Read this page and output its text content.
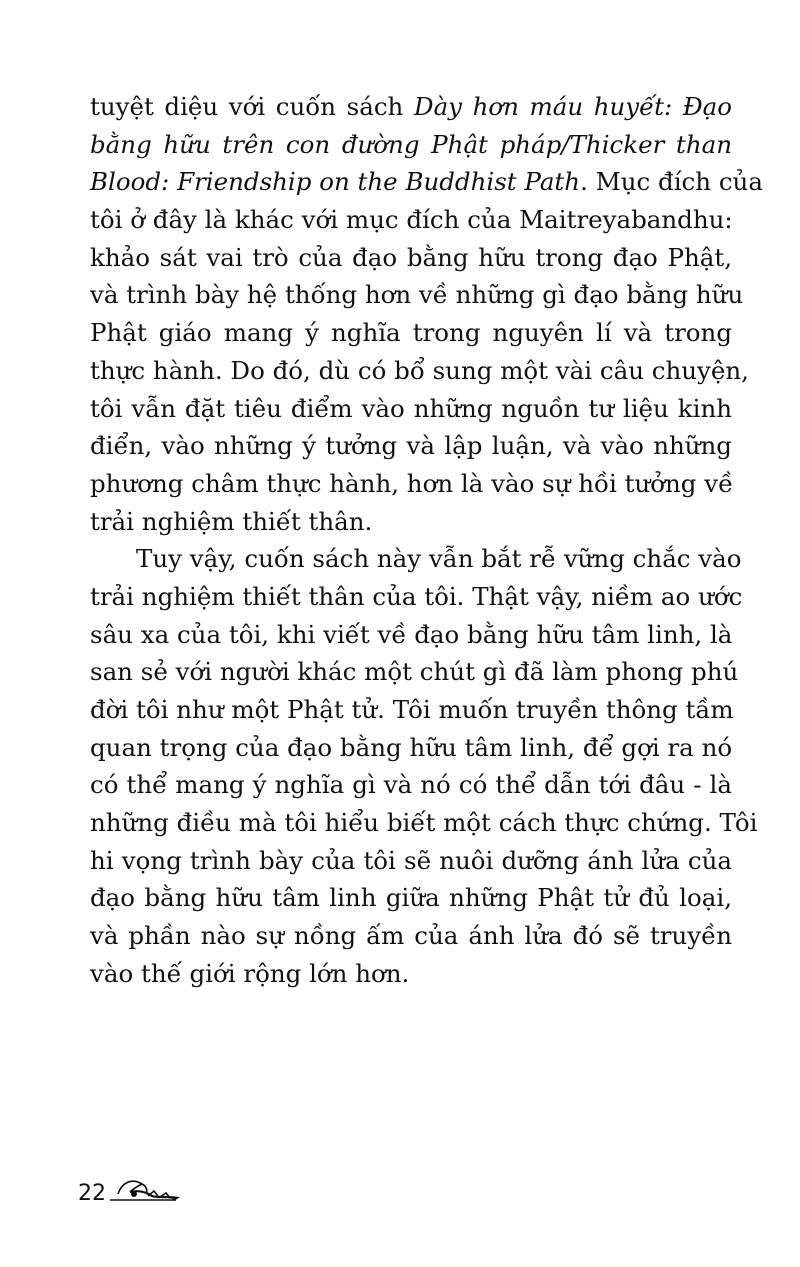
tuyệt diệu với cuốn sách Dày hơn máu huyết: Đạo
bằng hữu trên con đường Phật pháp/Thicker than
Blood: Friendship on the Buddhist Path. Mục đích của
tôi ở đây là khác với mục đích của Maitreyabandhu:
khảo sát vai trò của đạo bằng hữu trong đạo Phật,
và trình bày hệ thống hơn về những gì đạo bằng hữu
Phật giáo mang ý nghĩa trong nguyên lí và trong
thực hành. Do đó, dù có bổ sung một vài câu chuyện,
tôi vẫn đặt tiêu điểm vào những nguồn tư liệu kinh
điển, vào những ý tưởng và lập luận, và vào những
phương châm thực hành, hơn là vào sự hồi tưởng về
trải nghiệm thiết thân.
Tuy vậy, cuốn sách này vẫn bắt rễ vững chắc vào
trải nghiệm thiết thân của tôi. Thật vậy, niềm ao ước
sâu xa của tôi, khi viết về đạo bằng hữu tâm linh, là
san sẻ với người khác một chút gì đã làm phong phú
đời tôi như một Phật tử. Tôi muốn truyền thông tầm
quan trọng của đạo bằng hữu tâm linh, để gợi ra nó
có thể mang ý nghĩa gì và nó có thể dẫn tới đâu - là
những điều mà tôi hiểu biết một cách thực chứng. Tôi
hi vọng trình bày của tôi sẽ nuôi dưỡng ánh lửa của
đạo bằng hữu tâm linh giữa những Phật tử đủ loại,
và phần nào sự nồng ấm của ánh lửa đó sẽ truyền
vào thế giới rộng lớn hơn.
22
